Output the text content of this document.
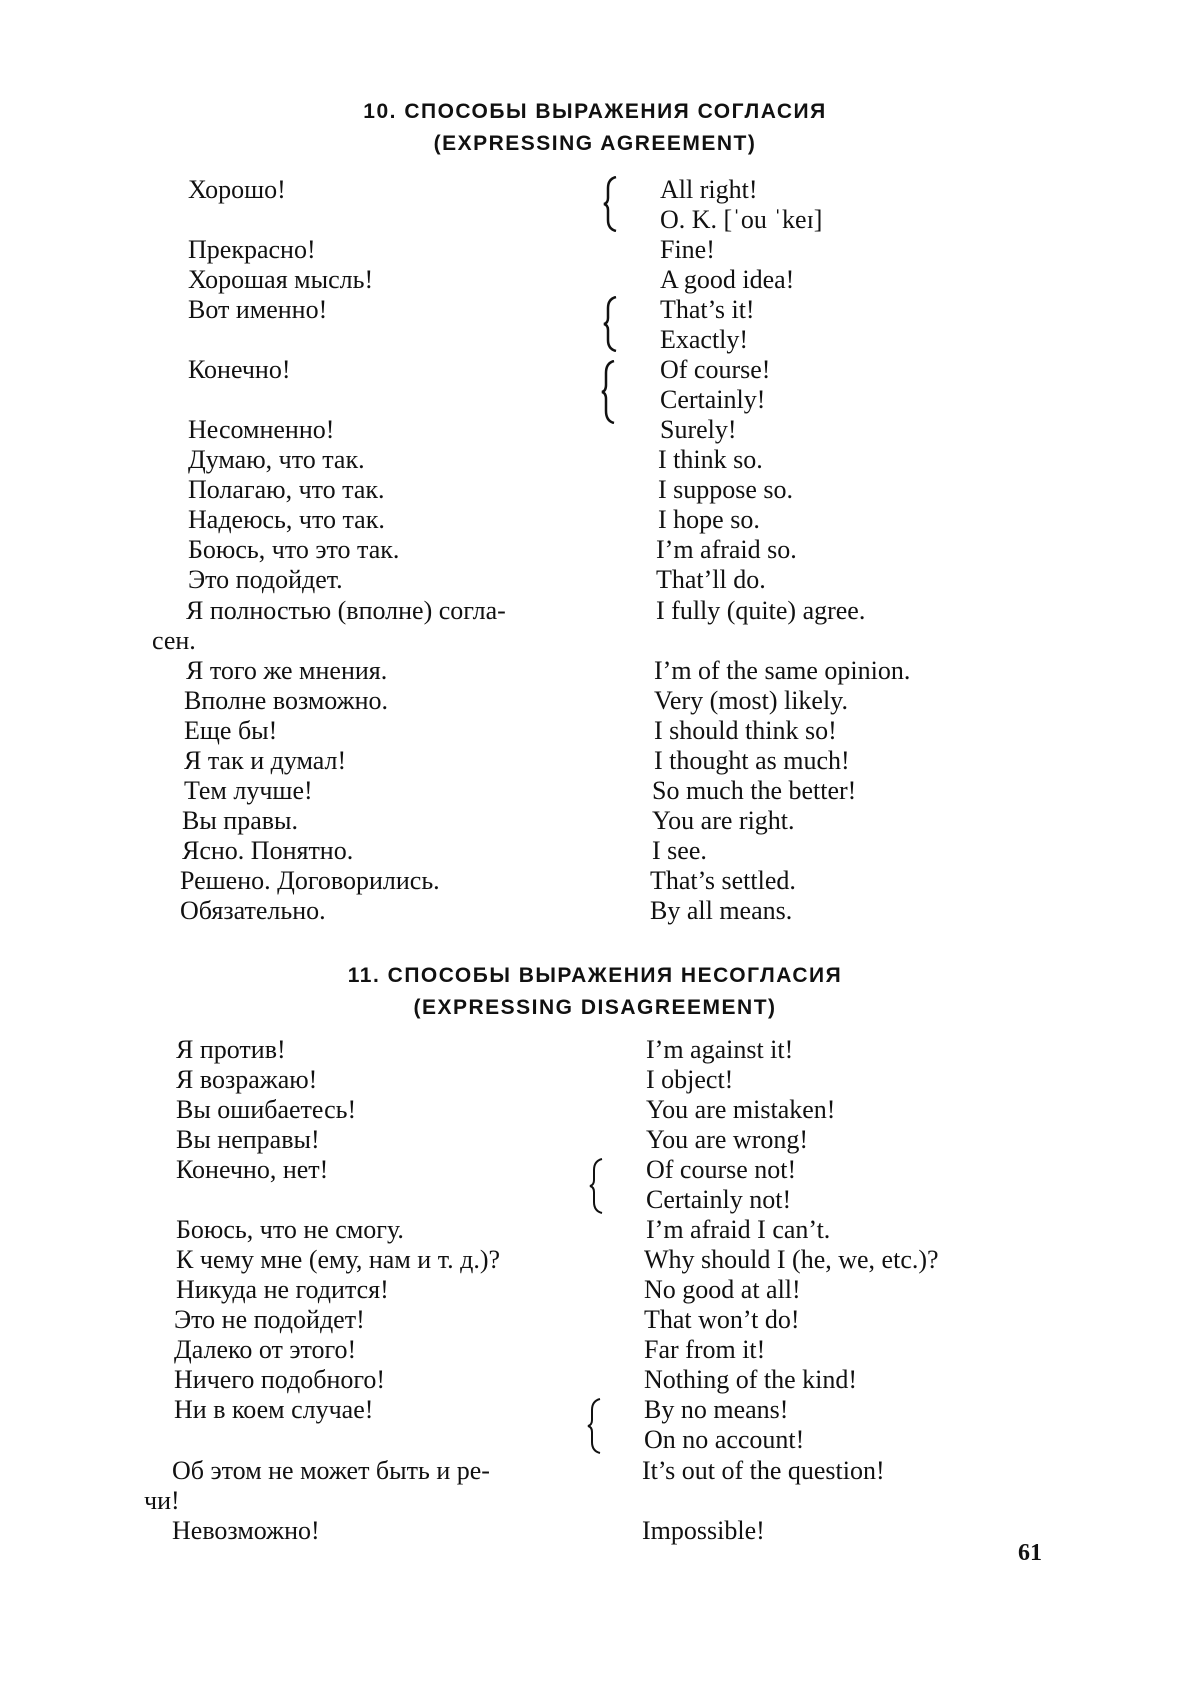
10. СПОСОБЫ ВЫРАЖЕНИЯ СОГЛАСИЯ
(EXPRESSING AGREEMENT)
Хорошо!	All right!
O. K. [ˈou ˈkeɪ]
Прекрасно!	Fine!
Хорошая мысль!	A good idea!
Вот именно!	That’s it!
Exactly!
Конечно!	Of course!
Certainly!
Несомненно!	Surely!
Думаю, что так.	I think so.
Полагаю, что так.	I suppose so.
Надеюсь, что так.	I hope so.
Боюсь, что это так.	I’m afraid so.
Это подойдет.	That’ll do.
Я полностью (вполне) согла-	I fully (quite) agree.
сен.
Я того же мнения.	I’m of the same opinion.
Вполне возможно.	Very (most) likely.
Еще бы!	I should think so!
Я так и думал!	I thought as much!
Тем лучше!	So much the better!
Вы правы.	You are right.
Ясно. Понятно.	I see.
Решено. Договорились.	That’s settled.
Обязательно.	By all means.
11. СПОСОБЫ ВЫРАЖЕНИЯ НЕСОГЛАСИЯ
(EXPRESSING DISAGREEMENT)
Я против!	I’m against it!
Я возражаю!	I object!
Вы ошибаетесь!	You are mistaken!
Вы неправы!	You are wrong!
Конечно, нет!	Of course not!
Certainly not!
Боюсь, что не смогу.	I’m afraid I can’t.
К чему мне (ему, нам и т. д.)?	Why should I (he, we, etc.)?
Никуда не годится!	No good at all!
Это не подойдет!	That won’t do!
Далеко от этого!	Far from it!
Ничего подобного!	Nothing of the kind!
Ни в коем случае!	By no means!
On no account!
Об этом не может быть и ре-	It’s out of the question!
чи!
Невозможно!	Impossible!
61
